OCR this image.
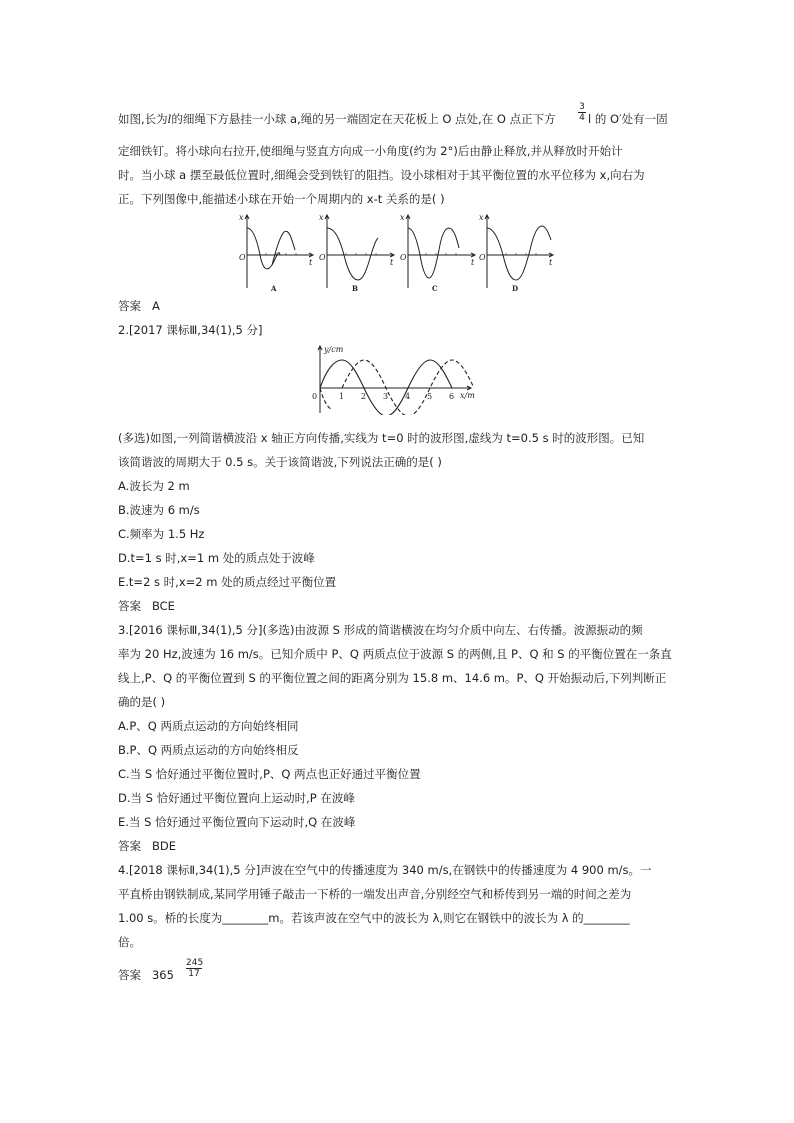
如图,长为l的细绳下方悬挂一小球 a,绳的另一端固定在天花板上 O 点处,在 O 点正下方 $\frac{3}{4}$ l 的 O′处有一固
定细铁钉。将小球向右拉开,使细绳与竖直方向成一小角度(约为 2°)后由静止释放,并从释放时开始计
时。当小球 a 摆至最低位置时,细绳会受到铁钉的阻挡。设小球相对于其平衡位置的水平位移为 x,向右为
正。下列图像中,能描述小球在开始一个周期内的 x-t 关系的是( )
x
O
t
x
O
t
x
O
t
x
O
t
A	B	C	D
答案 A
2.[2017 课标Ⅲ,34(1),5 分]
y/cm
x/m
0	1 2 3 4 5 6
(多选)如图,一列简谐横波沿 x 轴正方向传播,实线为 t=0 时的波形图,虚线为 t=0.5 s 时的波形图。已知
该简谐波的周期大于 0.5 s。关于该简谐波,下列说法正确的是( )
A.波长为 2 m
B.波速为 6 m/s
C.频率为 1.5 Hz
D.t=1 s 时,x=1 m 处的质点处于波峰
E.t=2 s 时,x=2 m 处的质点经过平衡位置
答案 BCE
3.[2016 课标Ⅲ,34(1),5 分](多选)由波源 S 形成的简谐横波在均匀介质中向左、右传播。波源振动的频
率为 20 Hz,波速为 16 m/s。已知介质中 P、Q 两质点位于波源 S 的两侧,且 P、Q 和 S 的平衡位置在一条直
线上,P、Q 的平衡位置到 S 的平衡位置之间的距离分别为 15.8 m、14.6 m。P、Q 开始振动后,下列判断正
确的是( )
A.P、Q 两质点运动的方向始终相同
B.P、Q 两质点运动的方向始终相反
C.当 S 恰好通过平衡位置时,P、Q 两点也正好通过平衡位置
D.当 S 恰好通过平衡位置向上运动时,P 在波峰
E.当 S 恰好通过平衡位置向下运动时,Q 在波峰
答案 BDE
4.[2018 课标Ⅱ,34(1),5 分]声波在空气中的传播速度为 340 m/s,在钢铁中的传播速度为 4 900 m/s。一
平直桥由钢铁制成,某同学用锤子敲击一下桥的一端发出声音,分别经空气和桥传到另一端的时间之差为
1.00 s。桥的长度为________m。若该声波在空气中的波长为 λ,则它在钢铁中的波长为 λ 的________
倍。
答案 $365 \frac{245}{17}$
